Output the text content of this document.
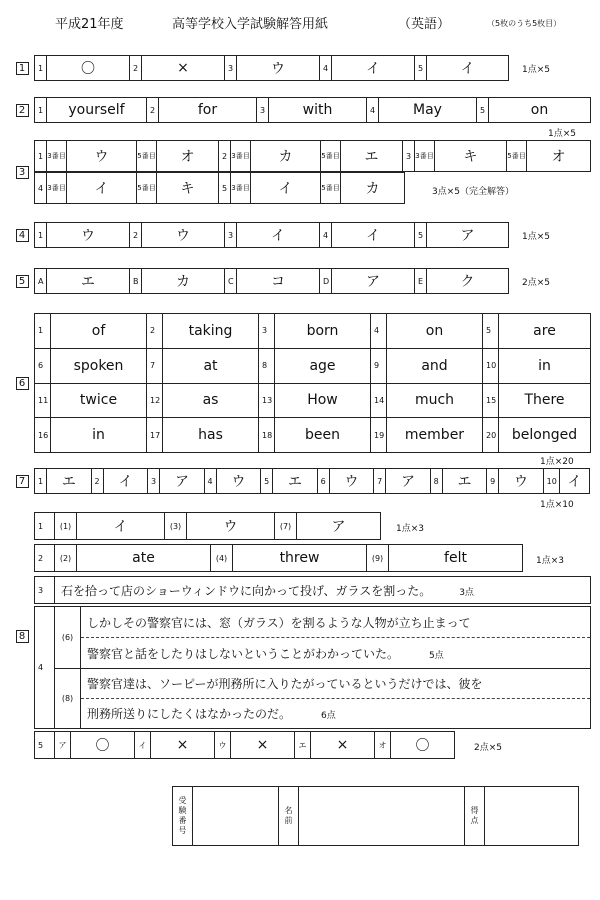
平成21年度	高等学校入学試験解答用紙	（英語）	（5枚のうち5枚目）
1	1	〇	2	×	3	ウ	4	イ	5	イ	1点×5
2	1	yourself	2	for	3	with	4	May	5	on
1点×5
3
1	3番目	ウ	5番目	オ	2	3番目	カ	5番目	エ	3	3番目	キ	5番目	オ
4	3番目	イ	5番目	キ	5	3番目	イ	5番目	カ	3点×5（完全解答）
4	1	ウ	2	ウ	3	イ	4	イ	5	ア	1点×5
5	A	エ	B	カ	C	コ	D	ア	E	ク	2点×5
6
1	of	2	taking	3	born	4	on	5	are
6	spoken	7	at	8	age	9	and	10	in
11	twice	12	as	13	How	14	much	15	There
16	in	17	has	18	been	19	member	20	belonged
1点×20
7	1	エ	2	イ	3	ア	4	ウ	5	エ	6	ウ	7	ア	8	エ	9	ウ	10	イ
1点×10
8
1	(1)	イ	(3)	ウ	(7)	ア	1点×3
2	(2)	ate	(4)	threw	(9)	felt	1点×3
3	石を拾って店のショーウィンドウに向かって投げ、ガラスを割った。	3点
4	(6)	しかしその警察官には、窓（ガラス）を割るような人物が立ち止まって
		警察官と話をしたりはしないということがわかっていた。 5点
	(8)	警察官達は、ソーピーが刑務所に入りたがっているというだけでは、彼を
		刑務所送りにしたくはなかったのだ。 6点
5	ア	〇	イ	×	ウ	×	エ	×	オ	〇	2点×5
受験番号		名前		得点	
